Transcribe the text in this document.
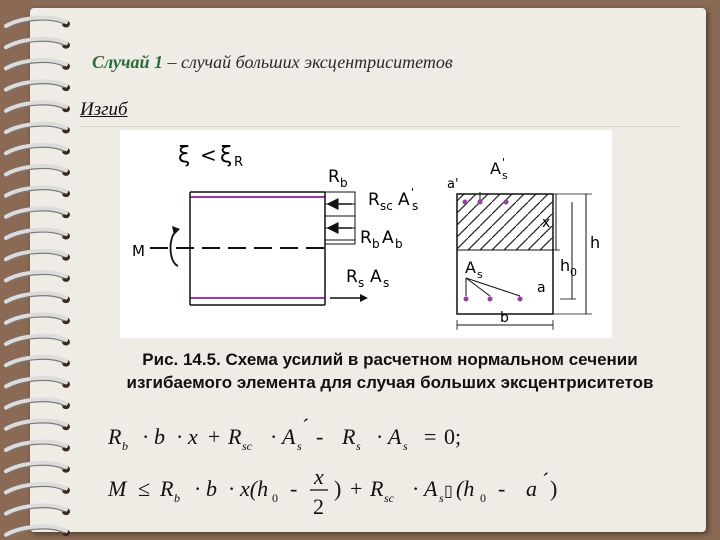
Случай 1 – случай больших эксцентриситетов
Изгиб
ξ < ξ R
M
R b
R sc A '
s
R b A b
R s A s
A '
s
a'
A s
x
h
h 0
a
b
Рис. 14.5. Схема усилий в расчетном нормальном сечении
изгибаемого элемента для случая больших эксцентриситетов
R b · b · x + R sc · A s
´ - R s · A s = 0;
M ≤ R b · b · x(h 0 - x
2
) + R sc · A s ▯ (h 0 - a ´ )
